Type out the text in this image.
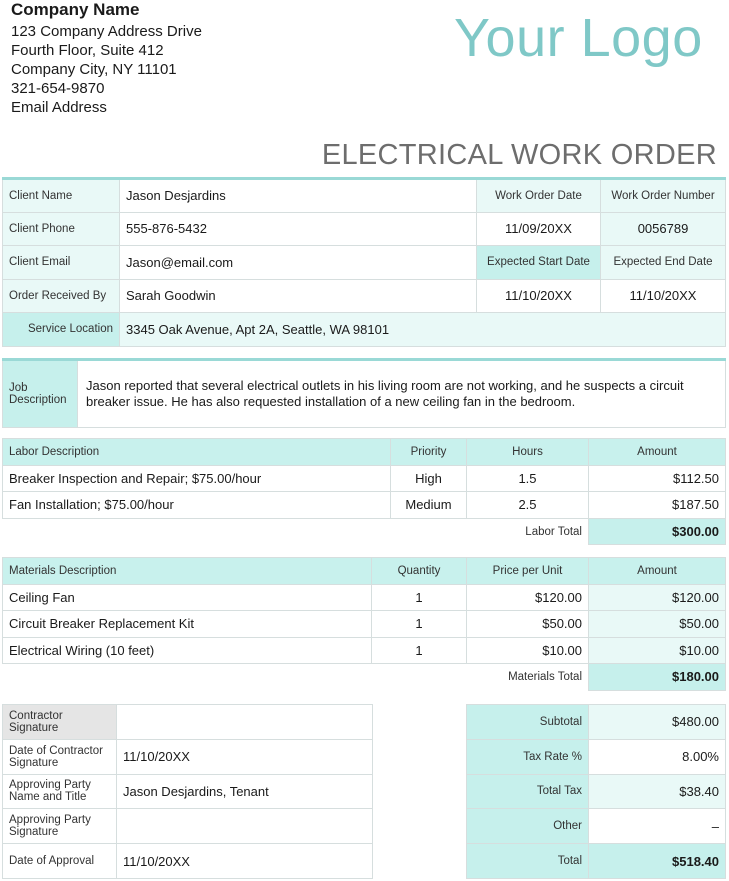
Company Name
123 Company Address Drive
Fourth Floor, Suite 412
Company City, NY 11101
321-654-9870
Email Address
Your Logo
ELECTRICAL WORK ORDER
Client Name	Jason Desjardins	Work Order Date	Work Order Number
Client Phone	555-876-5432	11/09/20XX	0056789
Client Email	Jason@email.com	Expected Start Date	Expected End Date
Order Received By	Sarah Goodwin	11/10/20XX	11/10/20XX
Service Location	3345 Oak Avenue, Apt 2A, Seattle, WA 98101		
Job Description	Jason reported that several electrical outlets in his living room are not working, and he suspects a circuit breaker issue. He has also requested installation of a new ceiling fan in the bedroom.
Labor Description	Priority	Hours	Amount
Breaker Inspection and Repair; $75.00/hour	High	1.5	$112.50
Fan Installation; $75.00/hour	Medium	2.5	$187.50
		Labor Total	$300.00
Materials Description	Quantity	Price per Unit	Amount
Ceiling Fan	1	$120.00	$120.00
Circuit Breaker Replacement Kit	1	$50.00	$50.00
Electrical Wiring (10 feet)	1	$10.00	$10.00
		Materials Total	$180.00
Contractor Signature	
Date of Contractor Signature	11/10/20XX
Approving Party Name and Title	Jason Desjardins, Tenant
Approving Party Signature	
Date of Approval	11/10/20XX
Subtotal	$480.00
Tax Rate %	8.00%
Total Tax	$38.40
Other	–
Total	$518.40
